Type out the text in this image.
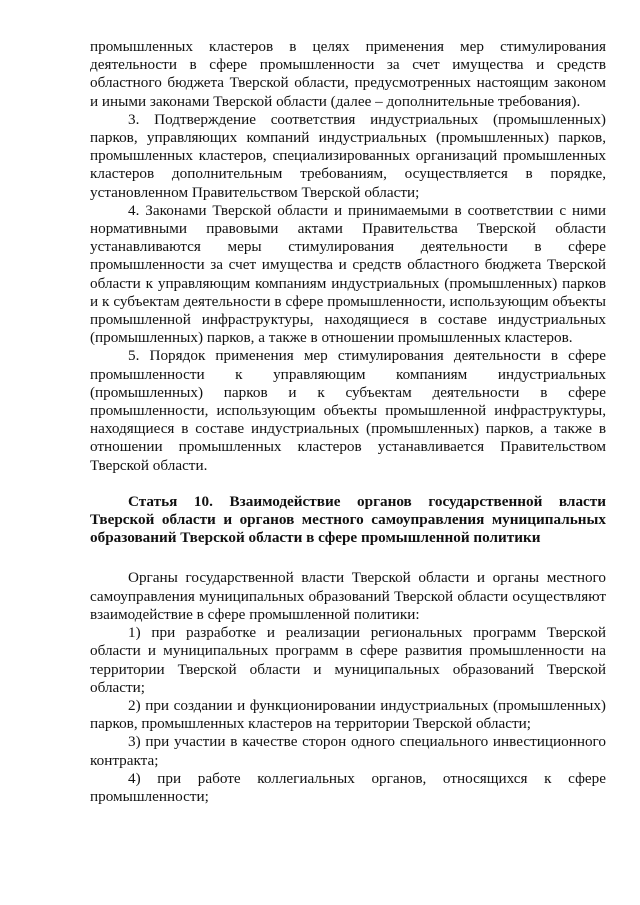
промышленных кластеров в целях применения мер стимулирования деятельности в сфере промышленности за счет имущества и средств областного бюджета Тверской области, предусмотренных настоящим законом и иными законами Тверской области (далее – дополнительные требования).

3. Подтверждение соответствия индустриальных (промышленных) парков, управляющих компаний индустриальных (промышленных) парков, промышленных кластеров, специализированных организаций промышленных кластеров дополнительным требованиям, осуществляется в порядке, установленном Правительством Тверской области;

4. Законами Тверской области и принимаемыми в соответствии с ними нормативными правовыми актами Правительства Тверской области устанавливаются меры стимулирования деятельности в сфере промышленности за счет имущества и средств областного бюджета Тверской области к управляющим компаниям индустриальных (промышленных) парков и к субъектам деятельности в сфере промышленности, использующим объекты промышленной инфраструктуры, находящиеся в составе индустриальных (промышленных) парков, а также в отношении промышленных кластеров.

5. Порядок применения мер стимулирования деятельности в сфере промышленности к управляющим компаниям индустриальных (промышленных) парков и к субъектам деятельности в сфере промышленности, использующим объекты промышленной инфраструктуры, находящиеся в составе индустриальных (промышленных) парков, а также в отношении промышленных кластеров устанавливается Правительством Тверской области.

Статья 10. Взаимодействие органов государственной власти Тверской области и органов местного самоуправления муниципальных образований Тверской области в сфере промышленной политики

Органы государственной власти Тверской области и органы местного самоуправления муниципальных образований Тверской области осуществляют взаимодействие в сфере промышленной политики:

1) при разработке и реализации региональных программ Тверской области и муниципальных программ в сфере развития промышленности на территории Тверской области и муниципальных образований Тверской области;

2) при создании и функционировании индустриальных (промышленных) парков, промышленных кластеров на территории Тверской области;

3) при участии в качестве сторон одного специального инвестиционного контракта;

4) при работе коллегиальных органов, относящихся к сфере промышленности;
